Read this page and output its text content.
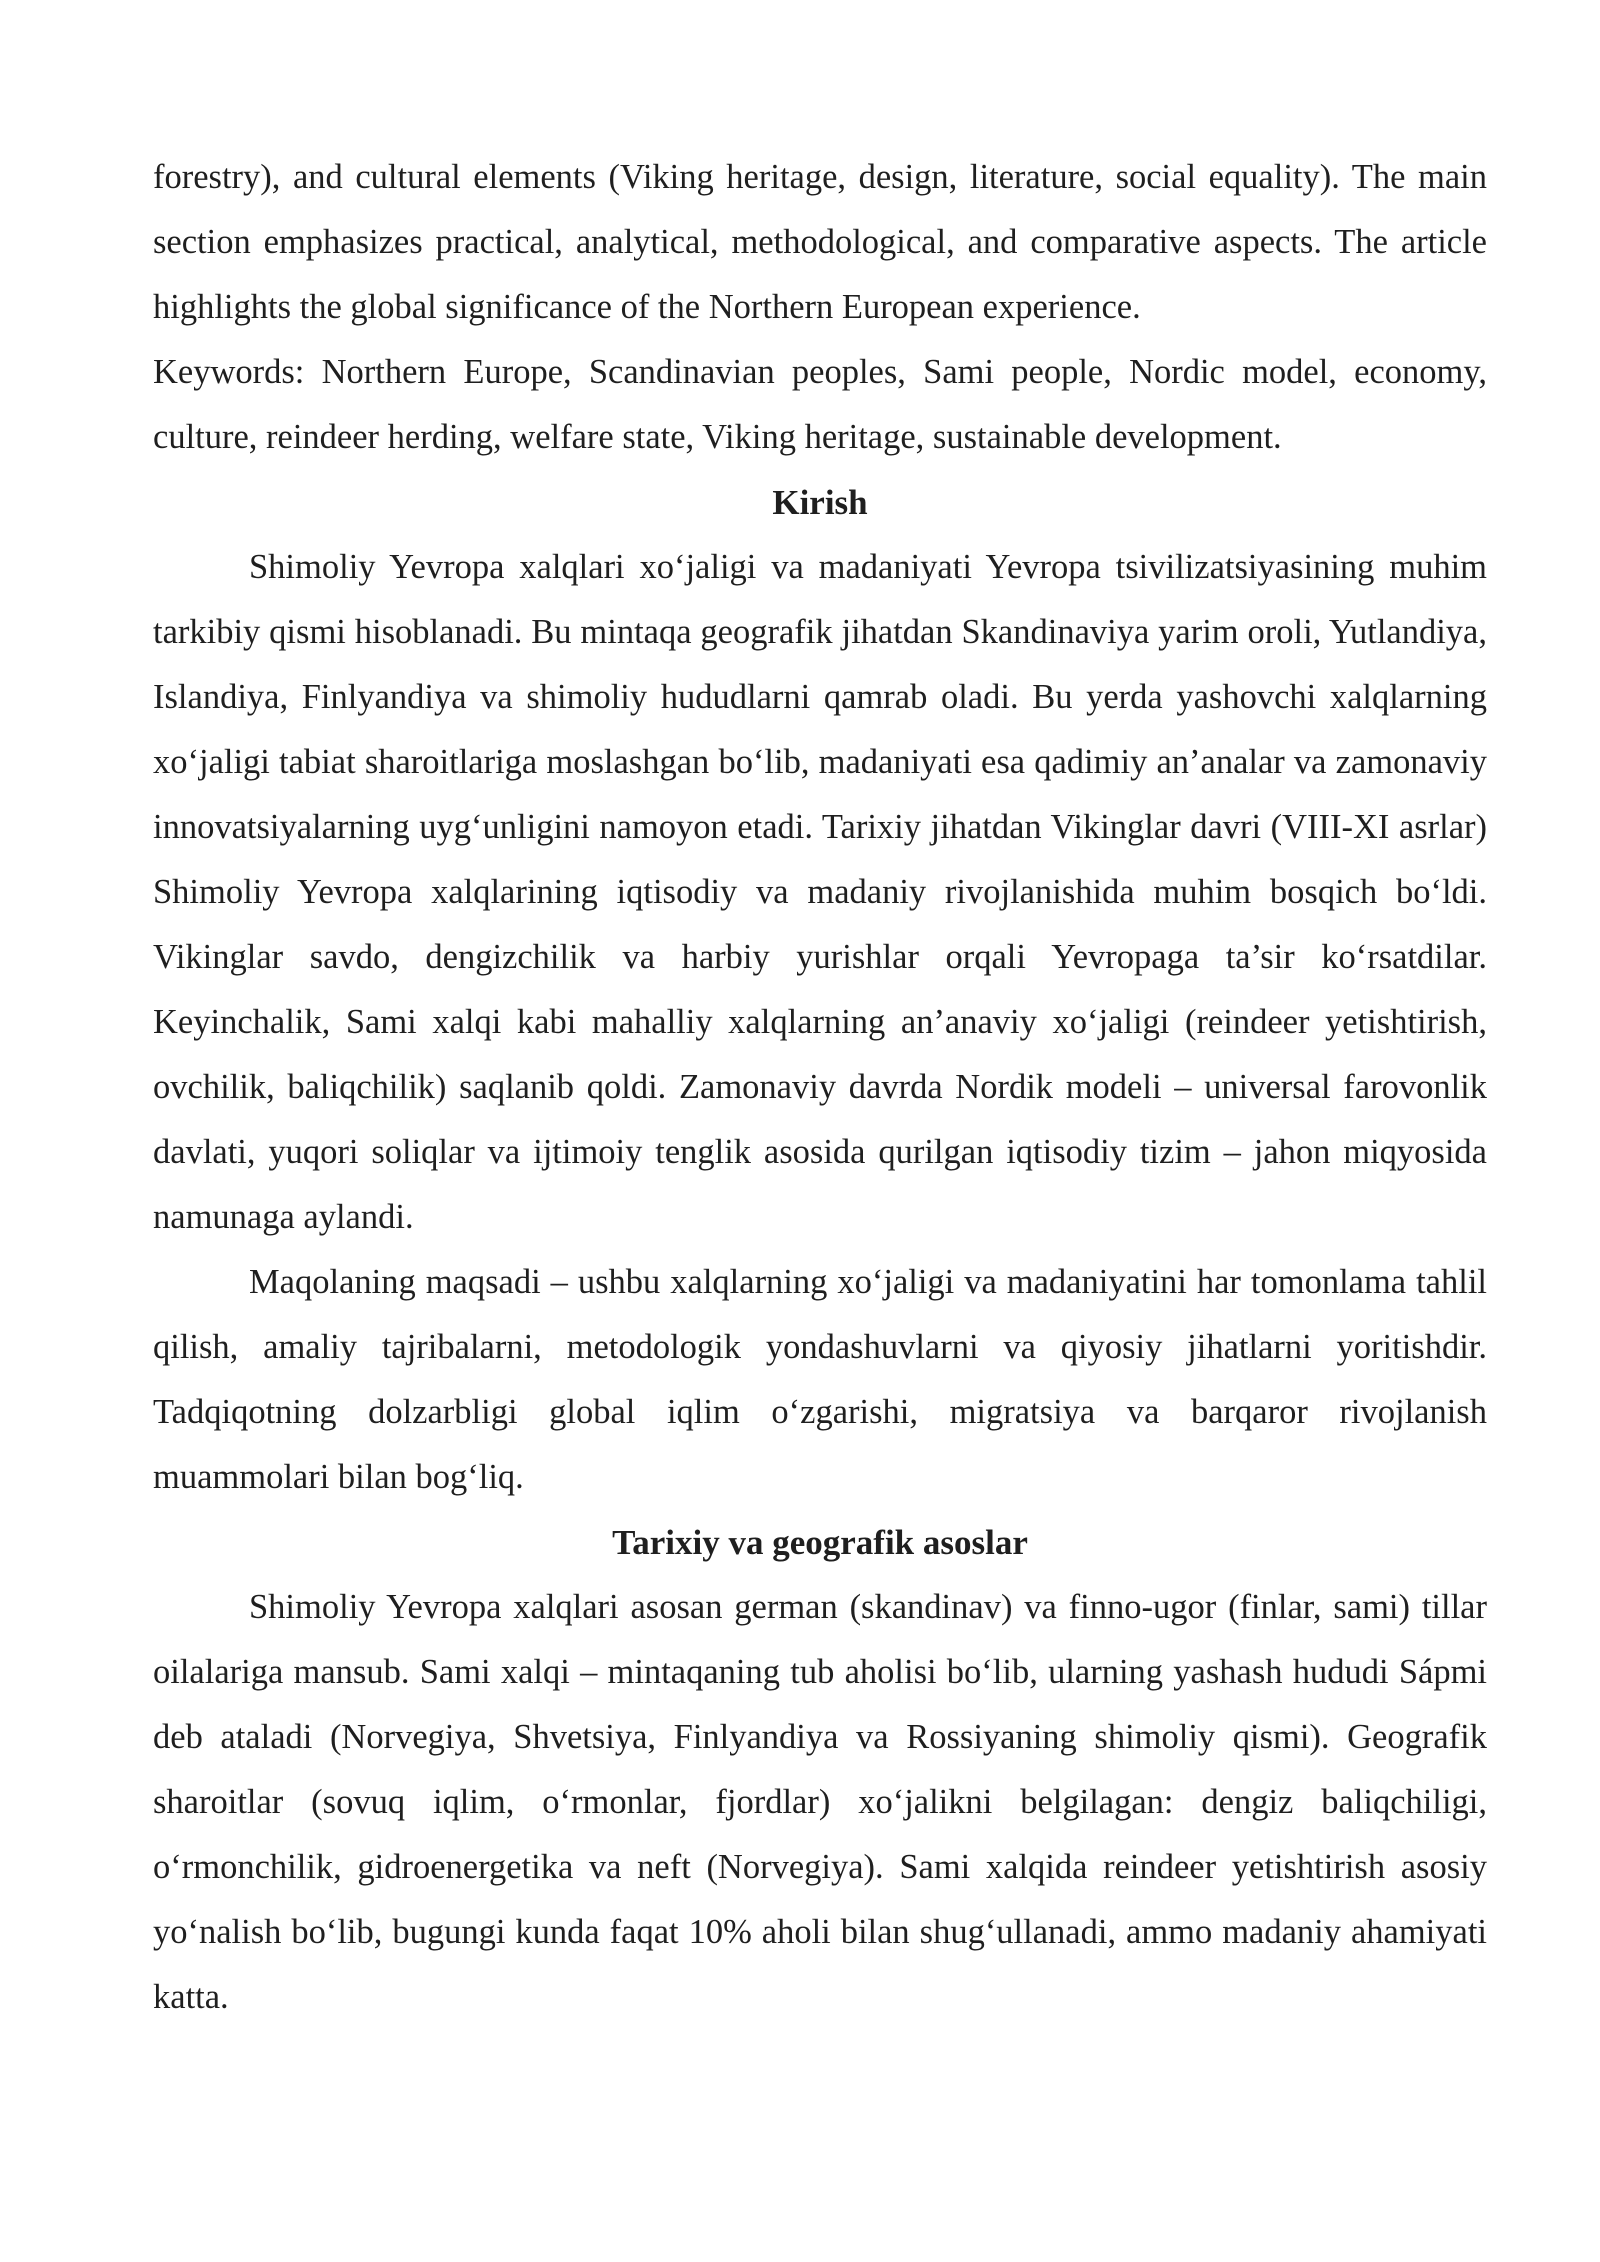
forestry), and cultural elements (Viking heritage, design, literature, social equality). The main section emphasizes practical, analytical, methodological, and comparative aspects. The article highlights the global significance of the Northern European experience.

Keywords: Northern Europe, Scandinavian peoples, Sami people, Nordic model, economy, culture, reindeer herding, welfare state, Viking heritage, sustainable development.

Kirish

Shimoliy Yevropa xalqlari xo‘jaligi va madaniyati Yevropa tsivilizatsiyasining muhim tarkibiy qismi hisoblanadi. Bu mintaqa geografik jihatdan Skandinaviya yarim oroli, Yutlandiya, Islandiya, Finlyandiya va shimoliy hududlarni qamrab oladi. Bu yerda yashovchi xalqlarning xo‘jaligi tabiat sharoitlariga moslashgan bo‘lib, madaniyati esa qadimiy an’analar va zamonaviy innovatsiyalarning uyg‘unligini namoyon etadi. Tarixiy jihatdan Vikinglar davri (VIII-XI asrlar) Shimoliy Yevropa xalqlarining iqtisodiy va madaniy rivojlanishida muhim bosqich bo‘ldi. Vikinglar savdo, dengizchilik va harbiy yurishlar orqali Yevropaga ta’sir ko‘rsatdilar. Keyinchalik, Sami xalqi kabi mahalliy xalqlarning an’anaviy xo‘jaligi (reindeer yetishtirish, ovchilik, baliqchilik) saqlanib qoldi. Zamonaviy davrda Nordik modeli – universal farovonlik davlati, yuqori soliqlar va ijtimoiy tenglik asosida qurilgan iqtisodiy tizim – jahon miqyosida namunaga aylandi.

Maqolaning maqsadi – ushbu xalqlarning xo‘jaligi va madaniyatini har tomonlama tahlil qilish, amaliy tajribalarni, metodologik yondashuvlarni va qiyosiy jihatlarni yoritishdir. Tadqiqotning dolzarbligi global iqlim o‘zgarishi, migratsiya va barqaror rivojlanish muammolari bilan bog‘liq.

Tarixiy va geografik asoslar

Shimoliy Yevropa xalqlari asosan german (skandinav) va finno-ugor (finlar, sami) tillar oilalariga mansub. Sami xalqi – mintaqaning tub aholisi bo‘lib, ularning yashash hududi Sápmi deb ataladi (Norvegiya, Shvetsiya, Finlyandiya va Rossiyaning shimoliy qismi). Geografik sharoitlar (sovuq iqlim, o‘rmonlar, fjordlar) xo‘jalikni belgilagan: dengiz baliqchiligi, o‘rmonchilik, gidroenergetika va neft (Norvegiya). Sami xalqida reindeer yetishtirish asosiy yo‘nalish bo‘lib, bugungi kunda faqat 10% aholi bilan shug‘ullanadi, ammo madaniy ahamiyati katta.
